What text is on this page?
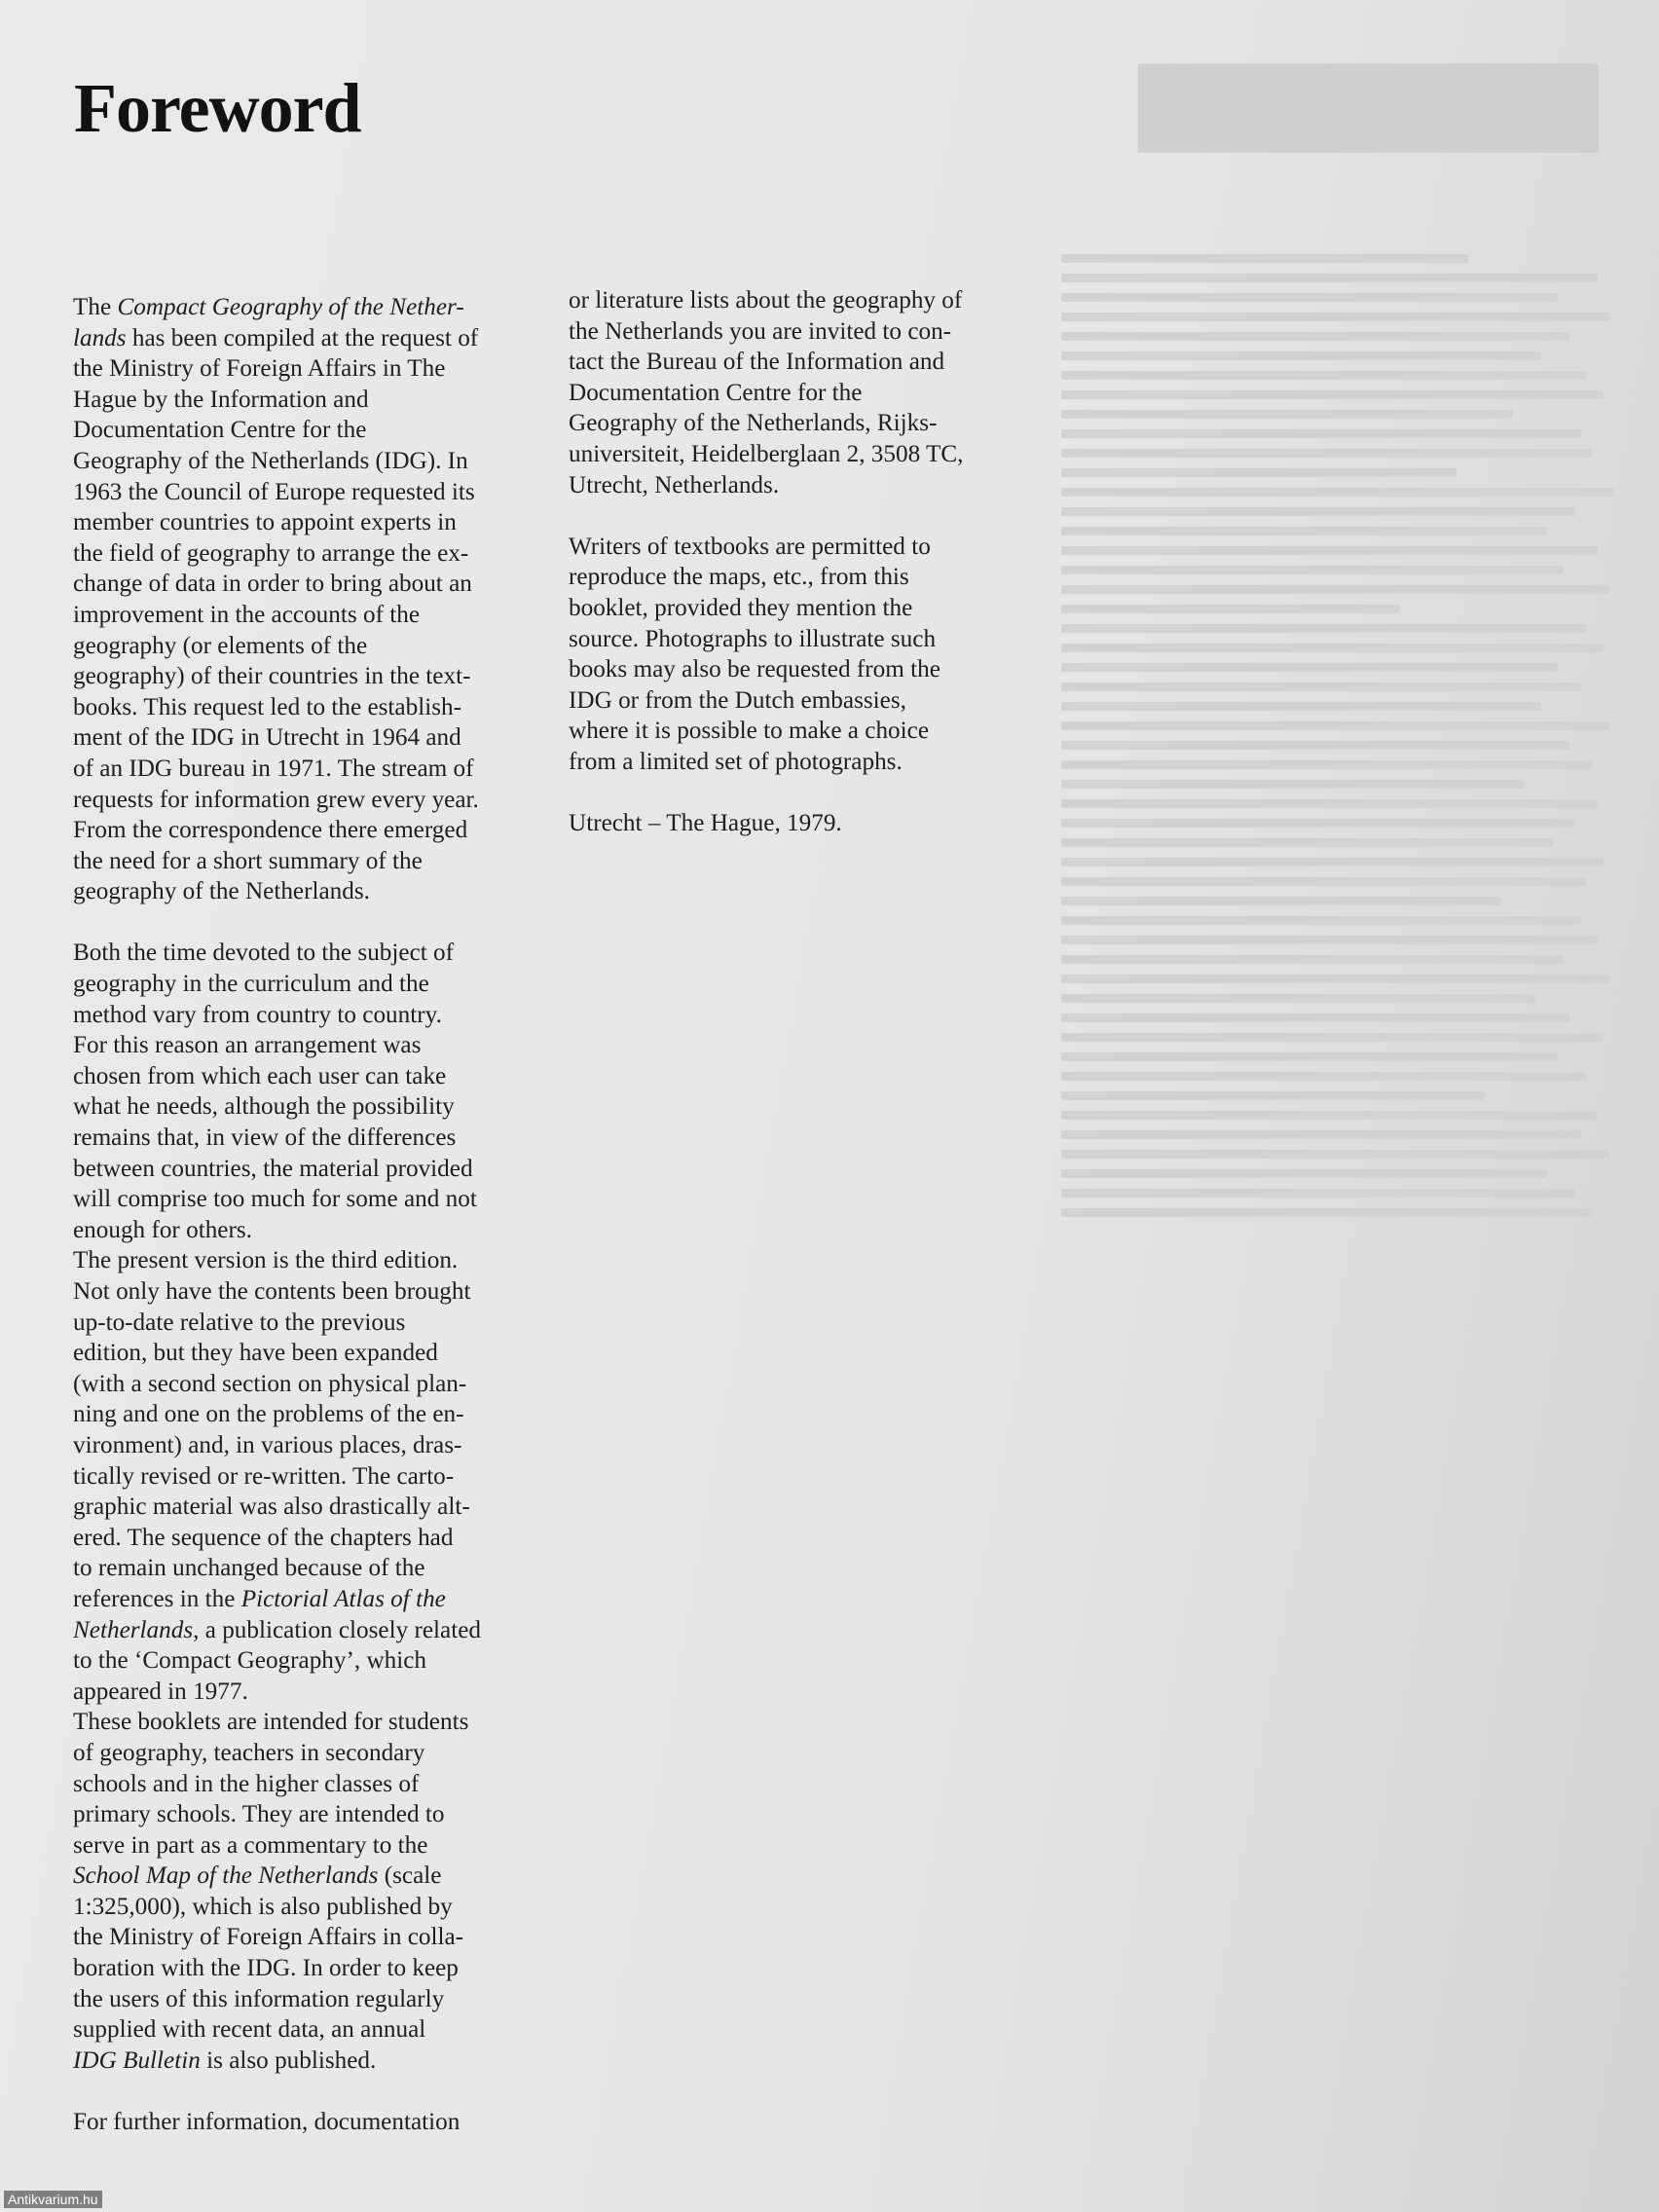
▇▇▇▇▇▇▇
Foreword
The Compact Geography of the Nether-
lands has been compiled at the request of
the Ministry of Foreign Affairs in The
Hague by the Information and
Documentation Centre for the
Geography of the Netherlands (IDG). In
1963 the Council of Europe requested its
member countries to appoint experts in
the field of geography to arrange the ex-
change of data in order to bring about an
improvement in the accounts of the
geography (or elements of the
geography) of their countries in the text-
books. This request led to the establish-
ment of the IDG in Utrecht in 1964 and
of an IDG bureau in 1971. The stream of
requests for information grew every year.
From the correspondence there emerged
the need for a short summary of the
geography of the Netherlands.
Both the time devoted to the subject of
geography in the curriculum and the
method vary from country to country.
For this reason an arrangement was
chosen from which each user can take
what he needs, although the possibility
remains that, in view of the differences
between countries, the material provided
will comprise too much for some and not
enough for others.
The present version is the third edition.
Not only have the contents been brought
up-to-date relative to the previous
edition, but they have been expanded
(with a second section on physical plan-
ning and one on the problems of the en-
vironment) and, in various places, dras-
tically revised or re-written. The carto-
graphic material was also drastically alt-
ered. The sequence of the chapters had
to remain unchanged because of the
references in the Pictorial Atlas of the
Netherlands, a publication closely related
to the ‘Compact Geography’, which
appeared in 1977.
These booklets are intended for students
of geography, teachers in secondary
schools and in the higher classes of
primary schools. They are intended to
serve in part as a commentary to the
School Map of the Netherlands (scale
1:325,000), which is also published by
the Ministry of Foreign Affairs in colla-
boration with the IDG. In order to keep
the users of this information regularly
supplied with recent data, an annual
IDG Bulletin is also published.
For further information, documentation
or literature lists about the geography of
the Netherlands you are invited to con-
tact the Bureau of the Information and
Documentation Centre for the
Geography of the Netherlands, Rijks-
universiteit, Heidelberglaan 2, 3508 TC,
Utrecht, Netherlands.
Writers of textbooks are permitted to
reproduce the maps, etc., from this
booklet, provided they mention the
source. Photographs to illustrate such
books may also be requested from the
IDG or from the Dutch embassies,
where it is possible to make a choice
from a limited set of photographs.
Utrecht – The Hague, 1979.
Antikvarium.hu
